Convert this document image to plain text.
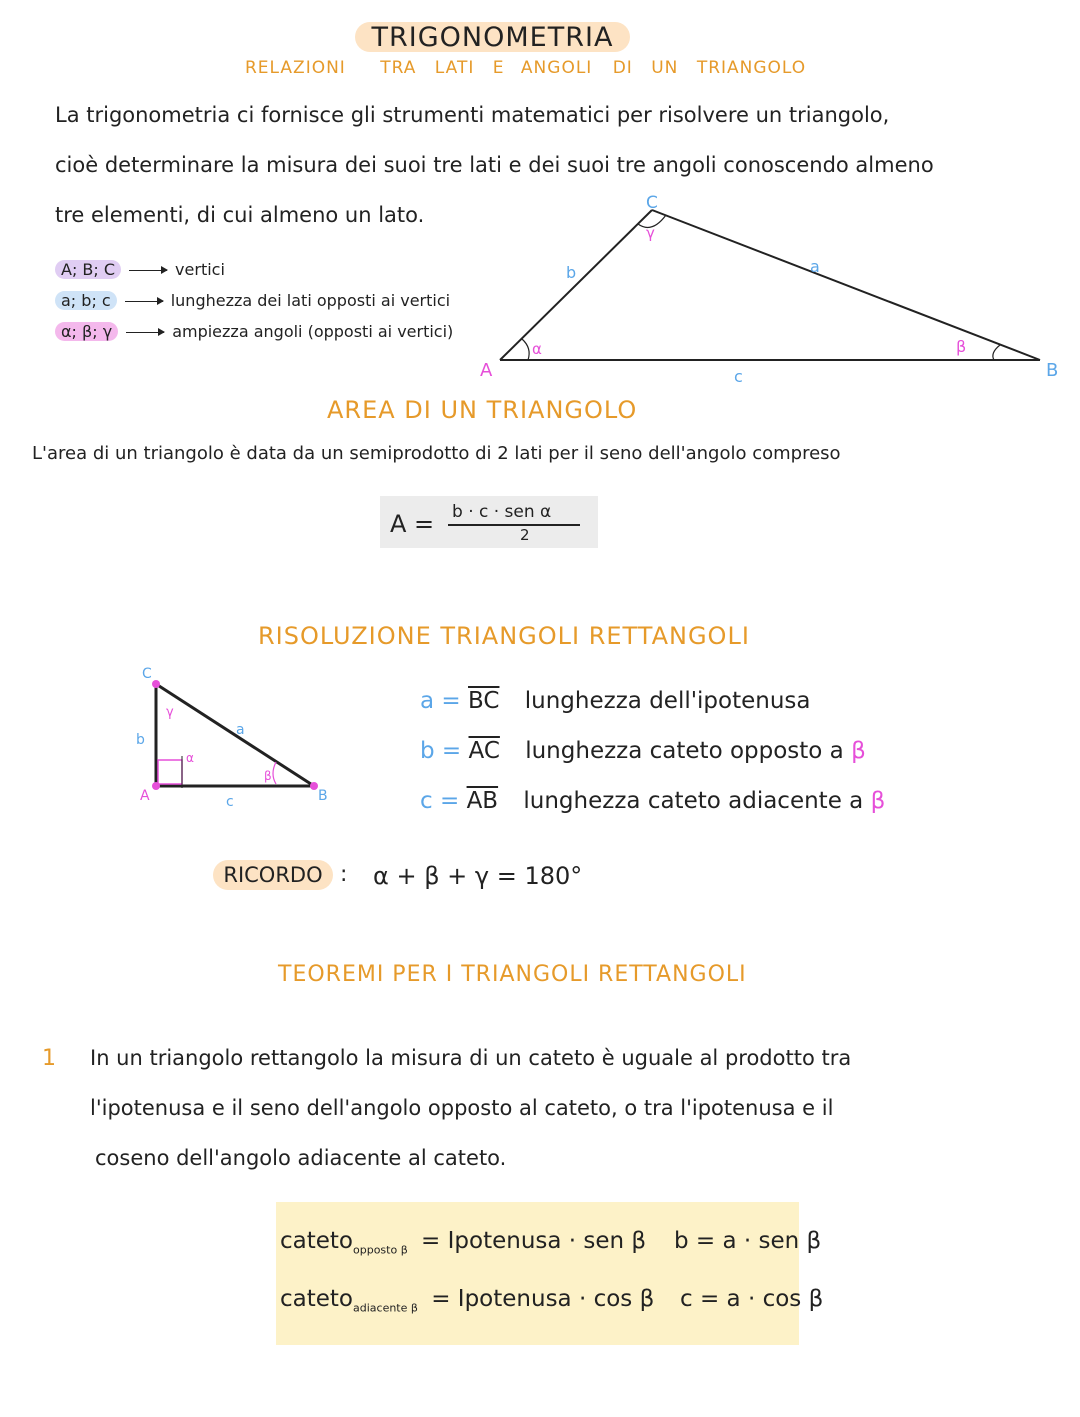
TRIGONOMETRIA
RELAZIONI TRA LATI E ANGOLI DI UN TRIANGOLO
La trigonometria ci fornisce gli strumenti matematici per risolvere un triangolo,
cioè determinare la misura dei suoi tre lati e dei suoi tre angoli conoscendo almeno
tre elementi, di cui almeno un lato.
A; B; C	vertici
a; b; c	lunghezza dei lati opposti ai vertici
α; β; γ	ampiezza angoli (opposti ai vertici)
C
A	B
b	a
c
γ
α	β
AREA DI UN TRIANGOLO
L'area di un triangolo è data da un semiprodotto di 2 lati per il seno dell'angolo compreso
A = b · c · sen α
2
RISOLUZIONE TRIANGOLI RETTANGOLI
C
A	B
b
a
c
γ
α
β
$a = \overline{BC}$ lunghezza dell'ipotenusa
$b = \overline{AC}$ lunghezza cateto opposto a β
$c = \overline{AB}$ lunghezza cateto adiacente a β
RICORDO : α + β + γ = 180°
TEOREMI PER I TRIANGOLI RETTANGOLI
1 In un triangolo rettangolo la misura di un cateto è uguale al prodotto tra
l'ipotenusa e il seno dell'angolo opposto al cateto, o tra l'ipotenusa e il
coseno dell'angolo adiacente al cateto.
cateto$_{opposto \beta}$ = Ipotenusa · sen β b = a · sen β
cateto$_{adiacente \beta}$ = Ipotenusa · cos β c = a · cos β
